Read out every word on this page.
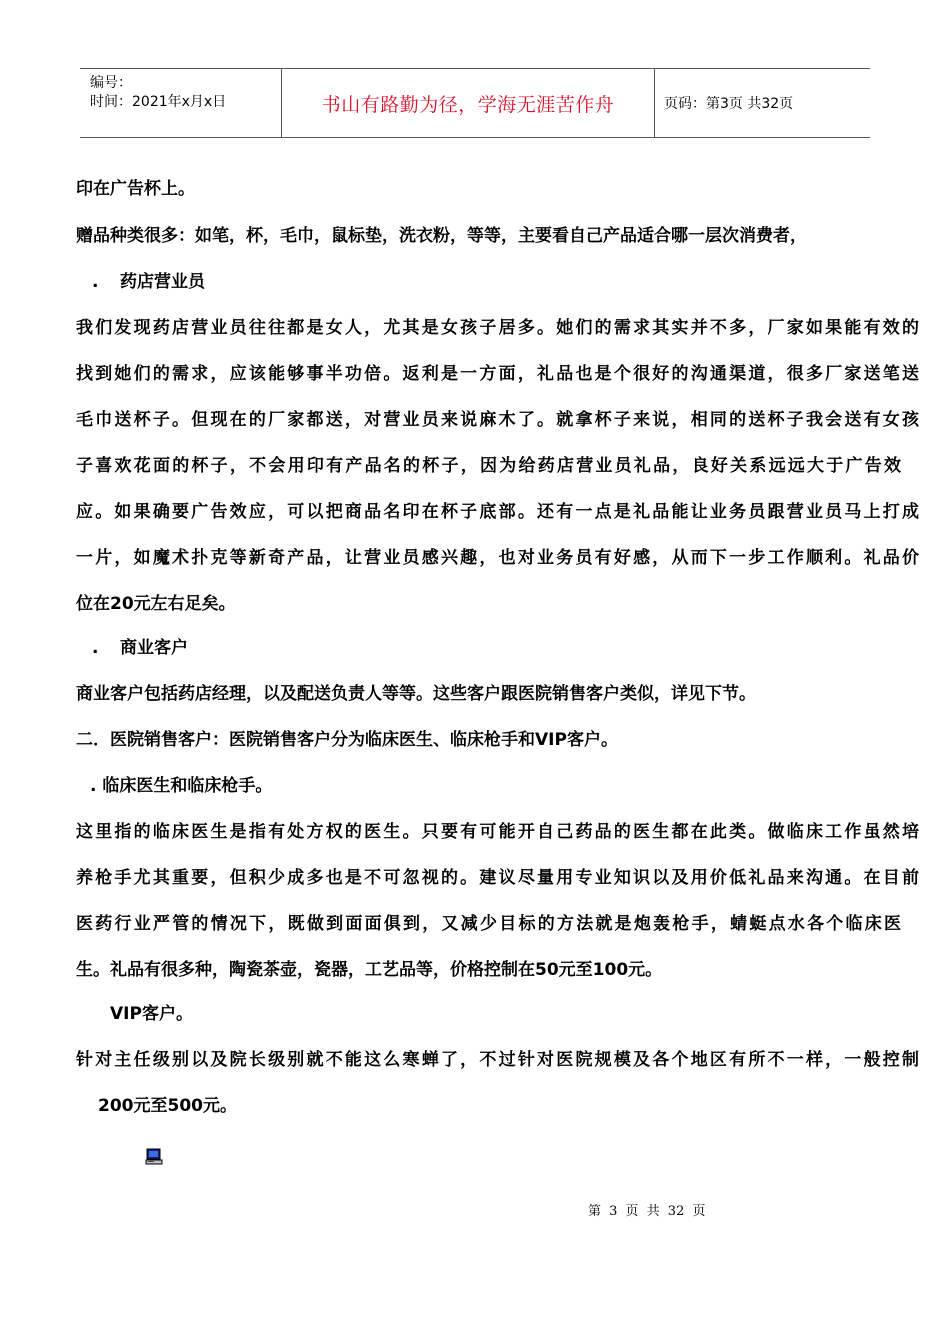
编号：
时间：2021年x月x日	书山有路勤为径，学海无涯苦作舟	页码：第3页 共32页
印在广告杯上。
赠品种类很多：如笔，杯，毛巾，鼠标垫，洗衣粉，等等，主要看自己产品适合哪一层次消费者，
. 药店营业员
我们发现药店营业员往往都是女人，尤其是女孩子居多。她们的需求其实并不多，厂家如果能有效的
找到她们的需求，应该能够事半功倍。返利是一方面，礼品也是个很好的沟通渠道，很多厂家送笔送
毛巾送杯子。但现在的厂家都送，对营业员来说麻木了。就拿杯子来说，相同的送杯子我会送有女孩
子喜欢花面的杯子，不会用印有产品名的杯子，因为给药店营业员礼品，良好关系远远大于广告效
应。如果确要广告效应，可以把商品名印在杯子底部。还有一点是礼品能让业务员跟营业员马上打成
一片，如魔术扑克等新奇产品，让营业员感兴趣，也对业务员有好感，从而下一步工作顺利。礼品价
位在20元左右足矣。
. 商业客户
商业客户包括药店经理，以及配送负责人等等。这些客户跟医院销售客户类似，详见下节。
二．医院销售客户：医院销售客户分为临床医生、临床枪手和VIP客户。
. 临床医生和临床枪手。
这里指的临床医生是指有处方权的医生。只要有可能开自己药品的医生都在此类。做临床工作虽然培
养枪手尤其重要，但积少成多也是不可忽视的。建议尽量用专业知识以及用价低礼品来沟通。在目前
医药行业严管的情况下，既做到面面俱到，又减少目标的方法就是炮轰枪手，蜻蜓点水各个临床医
生。礼品有很多种，陶瓷茶壶，瓷器，工艺品等，价格控制在50元至100元。
VIP客户。
针对主任级别以及院长级别就不能这么寒蝉了，不过针对医院规模及各个地区有所不一样，一般控制
200元至500元。
第 3 页 共 32 页
